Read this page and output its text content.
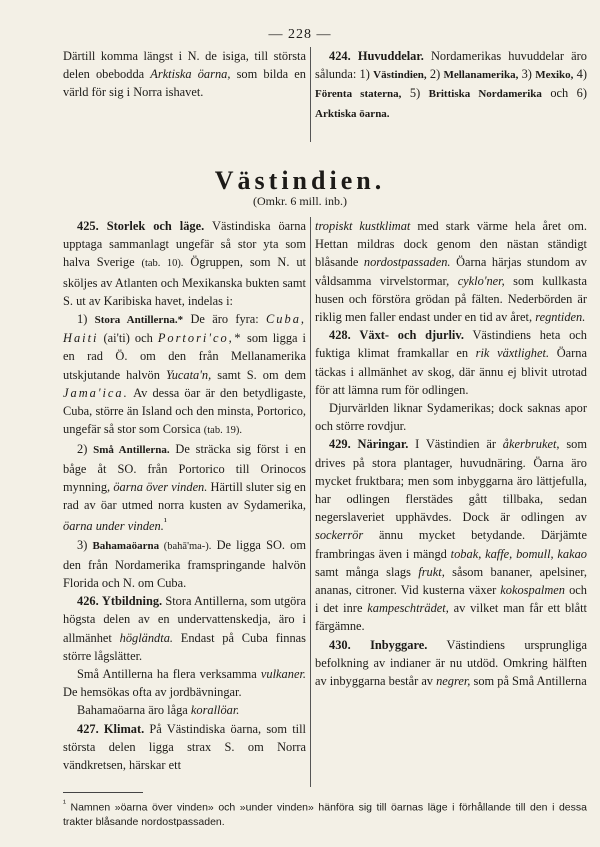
— 228 —

Därtill komma längst i N. de isiga, till största delen obebodda Arktiska öarna, som bilda en värld för sig i Norra ishavet.

424. Huvuddelar. Nordamerikas huvuddelar äro sålunda: 1) Västindien, 2) Mellanamerika, 3) Mexiko, 4) Förenta staterna, 5) Brittiska Nordamerika och 6) Arktiska öarna.

Västindien.
(Omkr. 6 mill. inb.)

425. Storlek och läge. Västindiska öarna upptaga sammanlagt ungefär så stor yta som halva Sverige (tab. 10). Ögruppen, som N. ut sköljes av Atlanten och Mexikanska bukten samt S. ut av Karibiska havet, indelas i:

1) Stora Antillerna.* De äro fyra: Cuba, Haiti (ai'ti) och Portori'co,* som ligga i en rad Ö. om den från Mellanamerika utskjutande halvön Yucata'n, samt S. om dem Jama'ica. Av dessa öar är den betydligaste, Cuba, större än Island och den minsta, Portorico, ungefär så stor som Corsica (tab. 19).

2) Små Antillerna. De sträcka sig först i en båge åt SO. från Portorico till Orinocos mynning, öarna över vinden. Härtill sluter sig en rad av öar utmed norra kusten av Sydamerika, öarna under vinden.$^{^1}$

3) Bahamaöarna (bahā'ma-). De ligga SO. om den från Nordamerika framspringande halvön Florida och N. om Cuba.

426. Ytbildning. Stora Antillerna, som utgöra högsta delen av en undervattenskedja, äro i allmänhet högländta. Endast på Cuba finnas större lågslätter.

Små Antillerna ha flera verksamma vulkaner. De hemsökas ofta av jordbävningar.

Bahamaöarna äro låga korallöar.

427. Klimat. På Västindiska öarna, som till största delen ligga strax S. om Norra vändkretsen, härskar ett

tropiskt kustklimat med stark värme hela året om. Hettan mildras dock genom den nästan ständigt blåsande nordostpassaden. Öarna härjas stundom av våldsamma virvelstormar, cyklo'ner, som kullkasta husen och förstöra grödan på fälten. Nederbörden är riklig men faller endast under en tid av året, regntiden.

428. Växt- och djurliv. Västindiens heta och fuktiga klimat framkallar en rik växtlighet. Öarna täckas i allmänhet av skog, där ännu ej blivit utrotad för att lämna rum för odlingen.

Djurvärlden liknar Sydamerikas; dock saknas apor och större rovdjur.

429. Näringar. I Västindien är åkerbruket, som drives på stora plantager, huvudnäring. Öarna äro mycket fruktbara; men som inbyggarna äro lättjefulla, har odlingen flerstädes gått tillbaka, sedan negerslaveriet upphävdes. Dock är odlingen av sockerrör ännu mycket betydande. Därjämte frambringas även i mängd tobak, kaffe, bomull, kakao samt många slags frukt, såsom bananer, apelsiner, ananas, citroner. Vid kusterna växer kokospalmen och i det inre kampeschträdet, av vilket man får ett blått färgämne.

430. Inbyggare. Västindiens ursprungliga befolkning av indianer är nu utdöd. Omkring hälften av inbyggarna består av negrer, som på Små Antillerna

$^{^1}$ Namnen »öarna över vinden» och »under vinden» hänföra sig till öarnas läge i förhållande till den i dessa trakter blåsande nordostpassaden.
